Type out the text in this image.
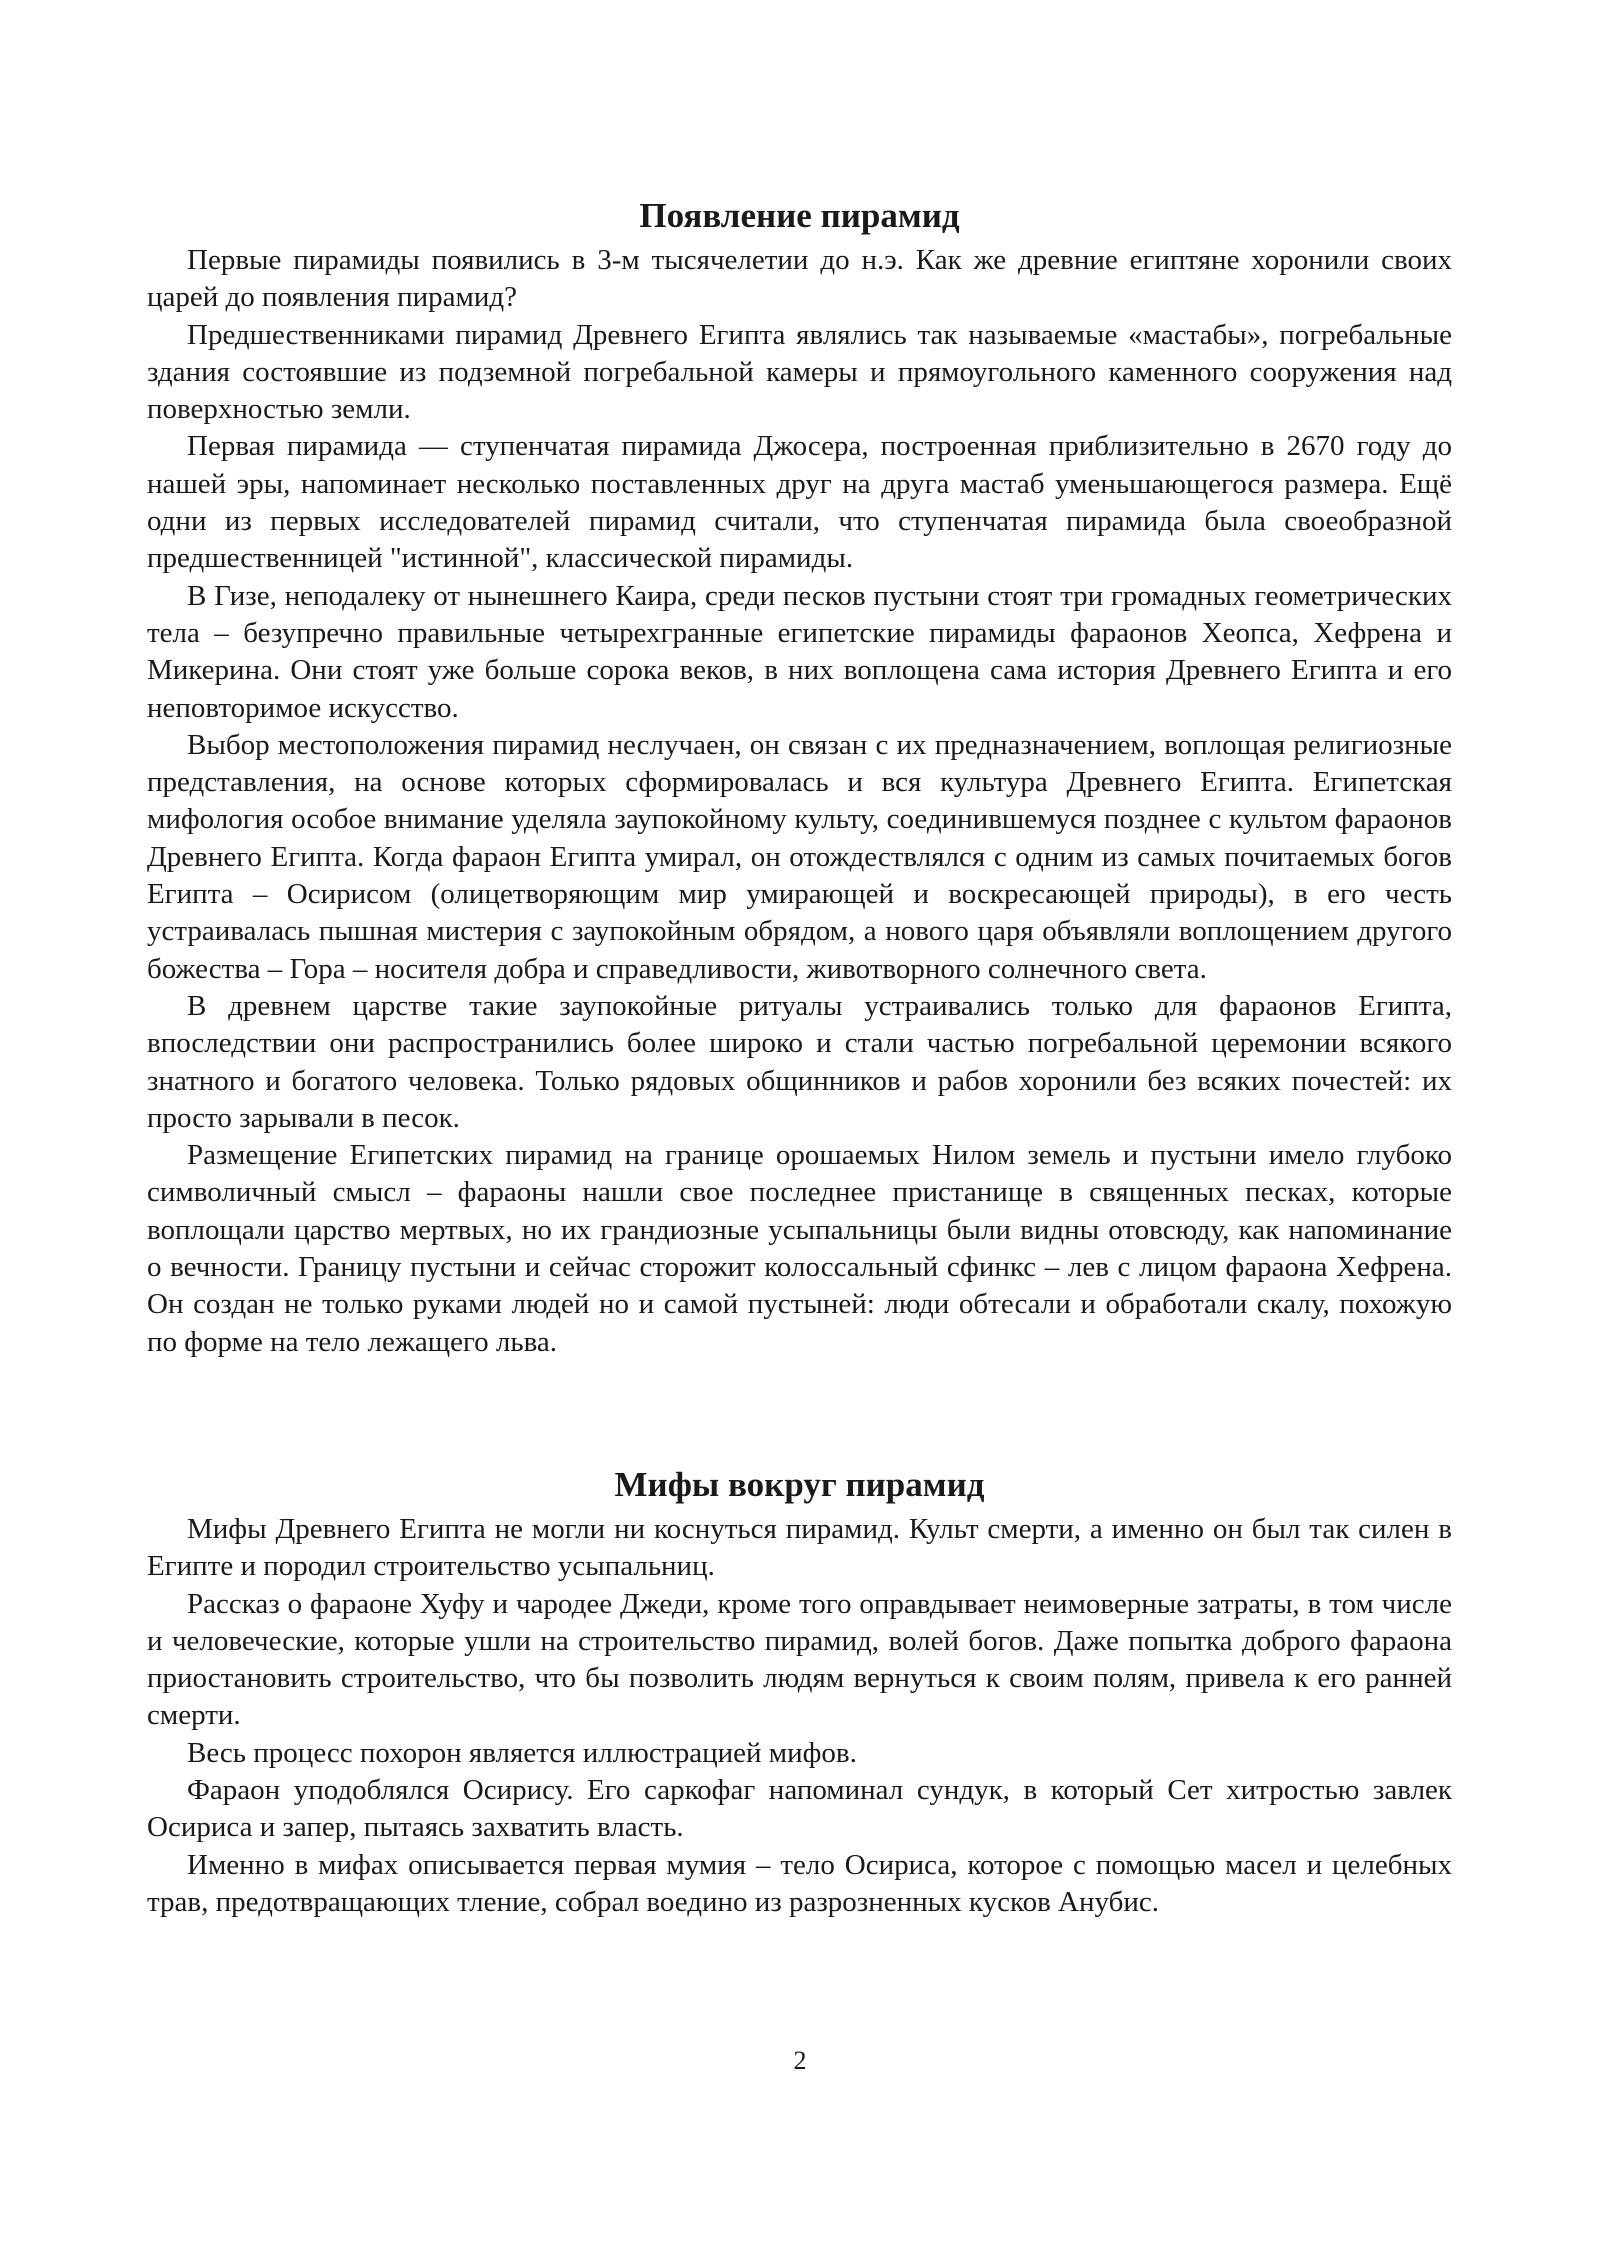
Появление пирамид

Первые пирамиды появились в 3-м тысячелетии до н.э. Как же древние египтяне хоронили своих царей до появления пирамид?

Предшественниками пирамид Древнего Египта являлись так называемые «мастабы», погребальные здания состоявшие из подземной погребальной камеры и прямоугольного каменного сооружения над поверхностью земли.

Первая пирамида — ступенчатая пирамида Джосера, построенная приблизительно в 2670 году до нашей эры, напоминает несколько поставленных друг на друга мастаб уменьшающегося размера. Ещё одни из первых исследователей пирамид считали, что ступенчатая пирамида была своеобразной предшественницей "истинной", классической пирамиды.

В Гизе, неподалеку от нынешнего Каира, среди песков пустыни стоят три громадных геометрических тела – безупречно правильные четырехгранные египетские пирамиды фараонов Хеопса, Хефрена и Микерина. Они стоят уже больше сорока веков, в них воплощена сама история Древнего Египта и его неповторимое искусство.

Выбор местоположения пирамид неслучаен, он связан с их предназначением, воплощая религиозные представления, на основе которых сформировалась и вся культура Древнего Египта. Египетская мифология особое внимание уделяла заупокойному культу, соединившемуся позднее с культом фараонов Древнего Египта. Когда фараон Египта умирал, он отождествлялся с одним из самых почитаемых богов Египта – Осирисом (олицетворяющим мир умирающей и воскресающей природы), в его честь устраивалась пышная мистерия с заупокойным обрядом, а нового царя объявляли воплощением другого божества – Гора – носителя добра и справедливости, животворного солнечного света.

В древнем царстве такие заупокойные ритуалы устраивались только для фараонов Египта, впоследствии они распространились более широко и стали частью погребальной церемонии всякого знатного и богатого человека. Только рядовых общинников и рабов хоронили без всяких почестей: их просто зарывали в песок.

Размещение Египетских пирамид на границе орошаемых Нилом земель и пустыни имело глубоко символичный смысл – фараоны нашли свое последнее пристанище в священных песках, которые воплощали царство мертвых, но их грандиозные усыпальницы были видны отовсюду, как напоминание о вечности. Границу пустыни и сейчас сторожит колоссальный сфинкс – лев с лицом фараона Хефрена. Он создан не только руками людей но и самой пустыней: люди обтесали и обработали скалу, похожую по форме на тело лежащего льва.

Мифы вокруг пирамид

Мифы Древнего Египта не могли ни коснуться пирамид. Культ смерти, а именно он был так силен в Египте и породил строительство усыпальниц.

Рассказ о фараоне Хуфу и чародее Джеди, кроме того оправдывает неимоверные затраты, в том числе и человеческие, которые ушли на строительство пирамид, волей богов. Даже попытка доброго фараона приостановить строительство, что бы позволить людям вернуться к своим полям, привела к его ранней смерти.

Весь процесс похорон является иллюстрацией мифов.

Фараон уподоблялся Осирису. Его саркофаг напоминал сундук, в который Сет хитростью завлек Осириса и запер, пытаясь захватить власть.

Именно в мифах описывается первая мумия – тело Осириса, которое с помощью масел и целебных трав, предотвращающих тление, собрал воедино из разрозненных кусков Анубис.

2
